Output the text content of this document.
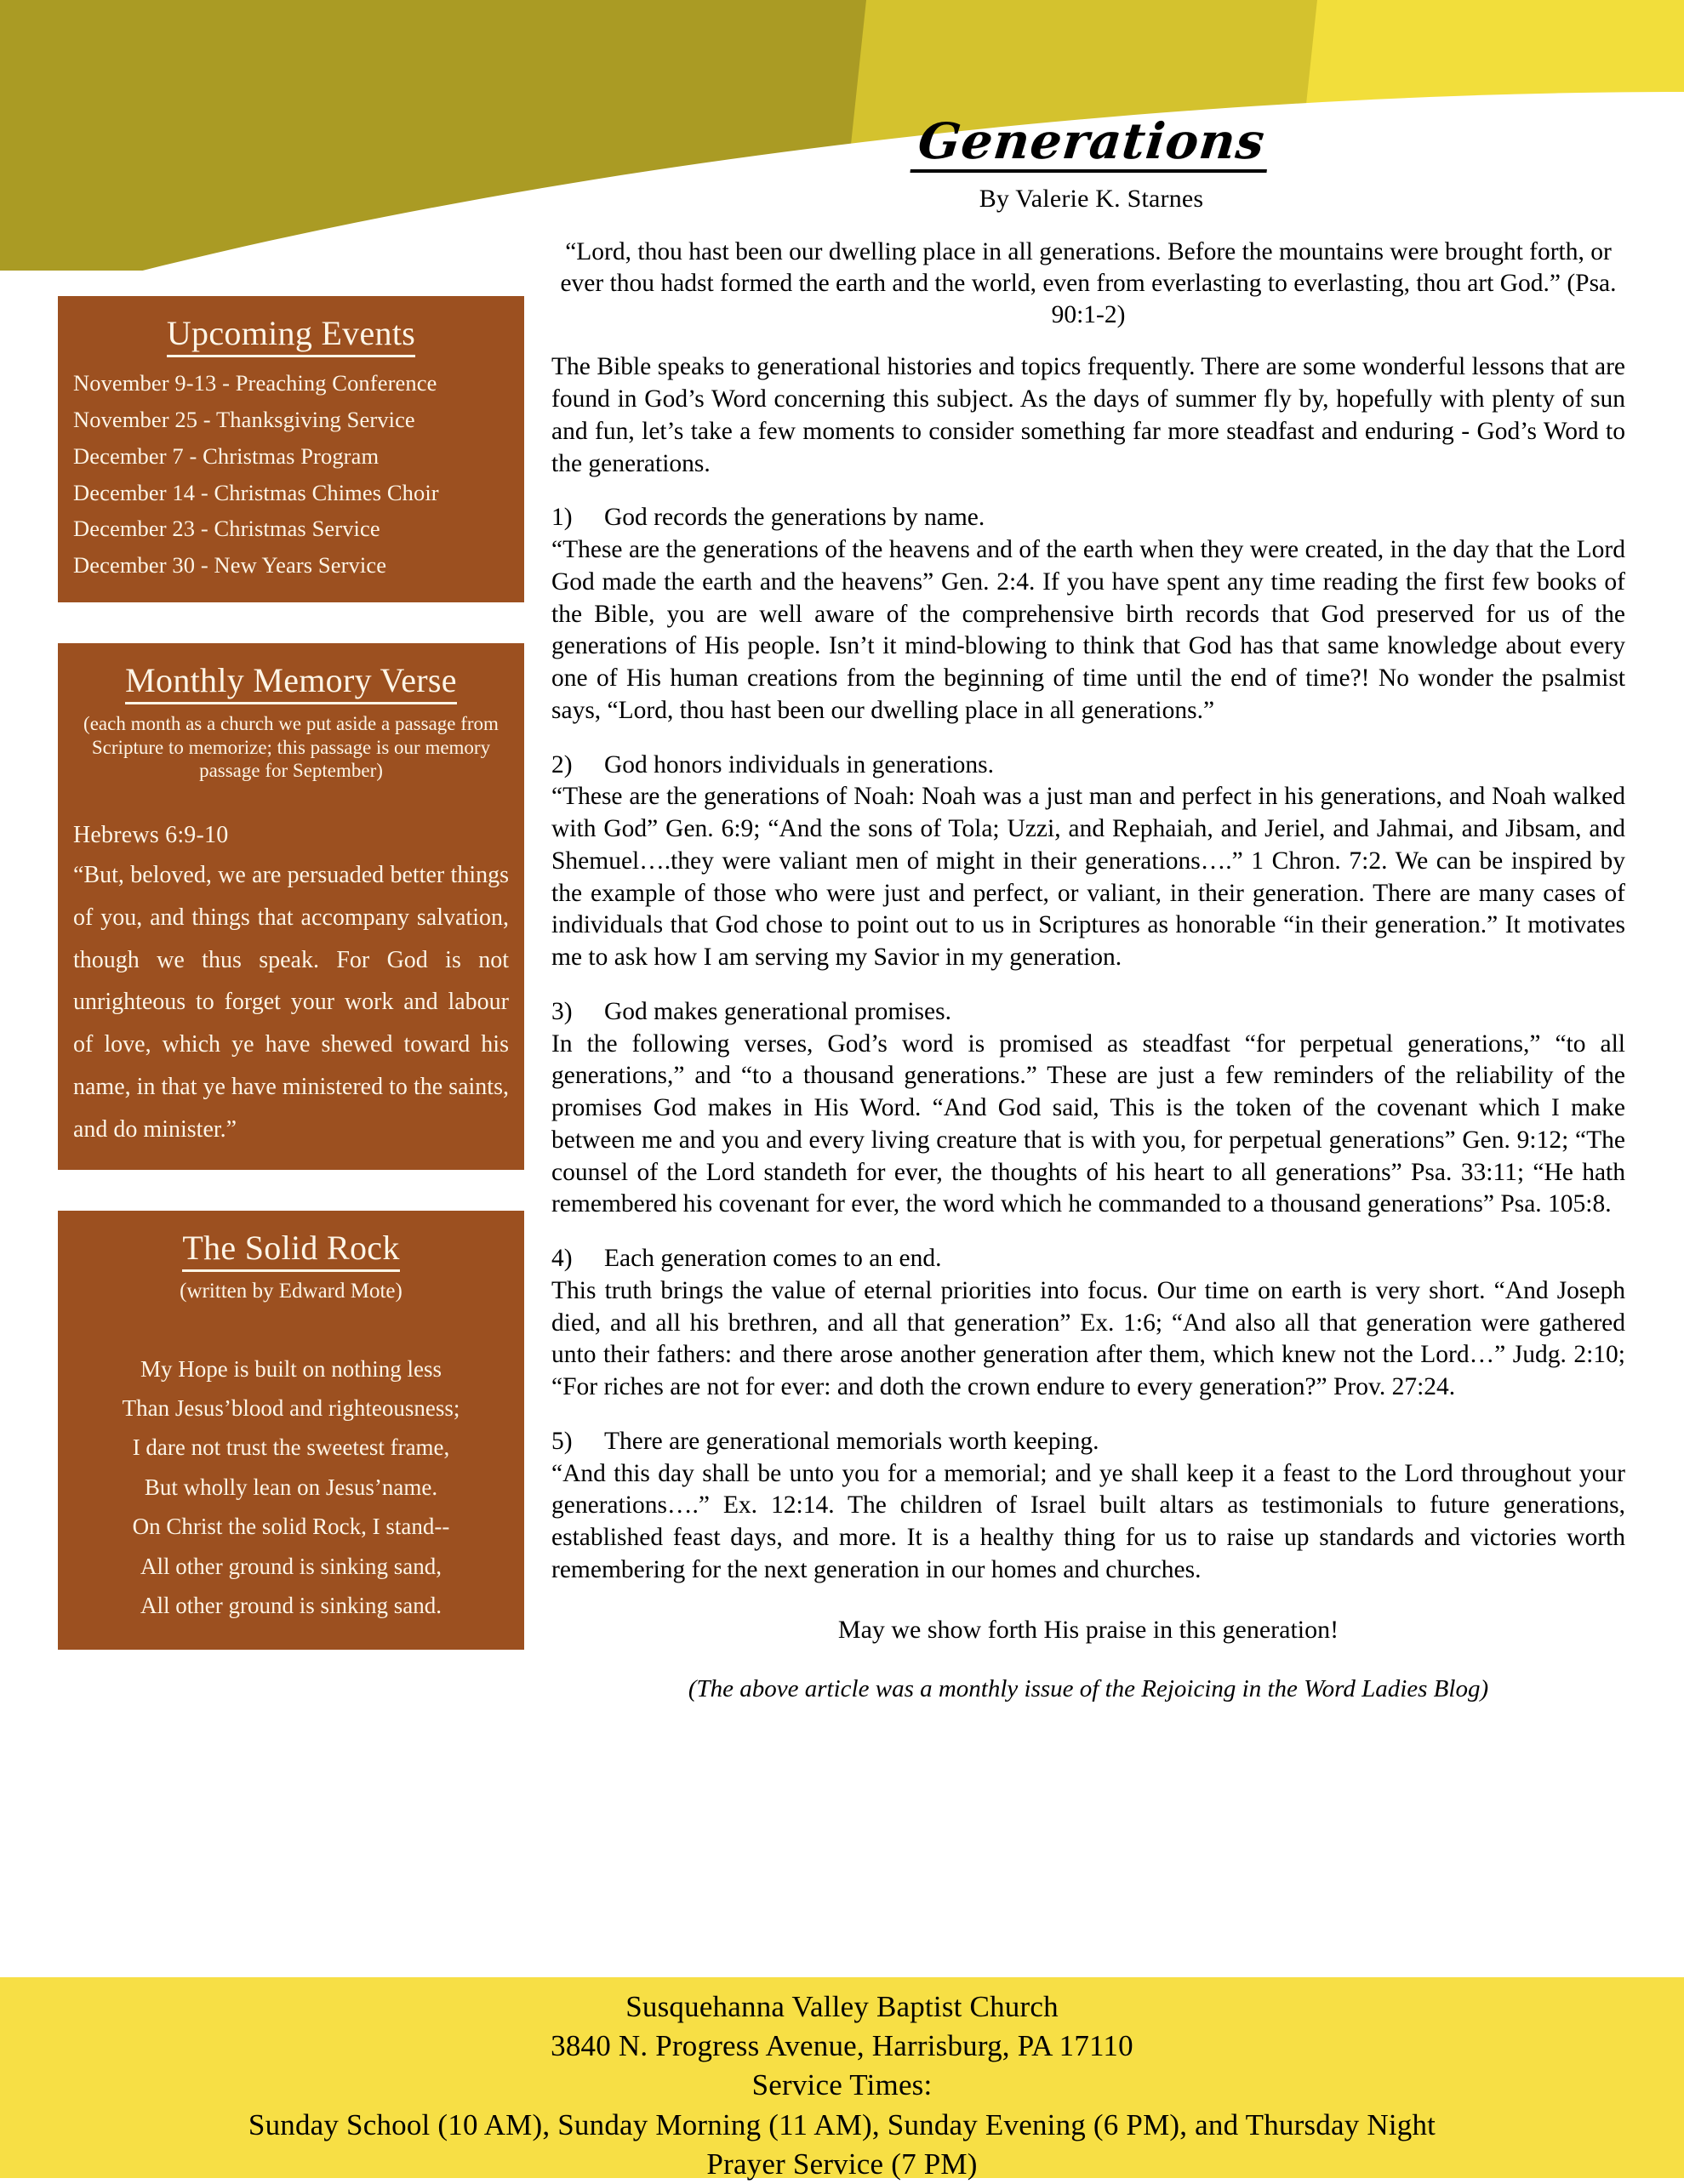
Generations
By Valerie K. Starnes
Upcoming Events
November 9-13 - Preaching Conference
November 25 - Thanksgiving Service
December 7 - Christmas Program
December 14 - Christmas Chimes Choir
December 23 - Christmas Service
December 30 - New Years Service
Monthly Memory Verse

(each month as a church we put aside a passage from Scripture to memorize; this passage is our memory passage for September)

Hebrews 6:9-10

“But, beloved, we are persuaded better things of you, and things that accompany salvation, though we thus speak. For God is not unrighteous to forget your work and labour of love, which ye have shewed toward his name, in that ye have ministered to the saints, and do minister.”

The Solid Rock

(written by Edward Mote)

My Hope is built on nothing less
Than Jesus’blood and righteousness;
I dare not trust the sweetest frame,
But wholly lean on Jesus’name.
On Christ the solid Rock, I stand--
All other ground is sinking sand,
All other ground is sinking sand.

“Lord, thou hast been our dwelling place in all generations. Before the mountains were brought forth, or ever thou hadst formed the earth and the world, even from everlasting to everlasting, thou art God.” (Psa. 90:1-2)

The Bible speaks to generational histories and topics frequently. There are some wonderful lessons that are found in God’s Word concerning this subject. As the days of summer fly by, hopefully with plenty of sun and fun, let’s take a few moments to consider something far more steadfast and enduring - God’s Word to the generations.

1) God records the generations by name.

“These are the generations of the heavens and of the earth when they were created, in the day that the Lord God made the earth and the heavens” Gen. 2:4. If you have spent any time reading the first few books of the Bible, you are well aware of the comprehensive birth records that God preserved for us of the generations of His people. Isn’t it mind-blowing to think that God has that same knowledge about every one of His human creations from the beginning of time until the end of time?! No wonder the psalmist says, “Lord, thou hast been our dwelling place in all generations.”

2) God honors individuals in generations.

“These are the generations of Noah: Noah was a just man and perfect in his generations, and Noah walked with God” Gen. 6:9; “And the sons of Tola; Uzzi, and Rephaiah, and Jeriel, and Jahmai, and Jibsam, and Shemuel….they were valiant men of might in their generations….” 1 Chron. 7:2. We can be inspired by the example of those who were just and perfect, or valiant, in their generation. There are many cases of individuals that God chose to point out to us in Scriptures as honorable “in their generation.” It motivates me to ask how I am serving my Savior in my generation.

3) God makes generational promises.

In the following verses, God’s word is promised as steadfast “for perpetual generations,” “to all generations,” and “to a thousand generations.” These are just a few reminders of the reliability of the promises God makes in His Word. “And God said, This is the token of the covenant which I make between me and you and every living creature that is with you, for perpetual generations” Gen. 9:12; “The counsel of the Lord standeth for ever, the thoughts of his heart to all generations” Psa. 33:11; “He hath remembered his covenant for ever, the word which he commanded to a thousand generations” Psa. 105:8.

4) Each generation comes to an end.

This truth brings the value of eternal priorities into focus. Our time on earth is very short. “And Joseph died, and all his brethren, and all that generation” Ex. 1:6; “And also all that generation were gathered unto their fathers: and there arose another generation after them, which knew not the Lord…” Judg. 2:10; “For riches are not for ever: and doth the crown endure to every generation?” Prov. 27:24.

5) There are generational memorials worth keeping.

“And this day shall be unto you for a memorial; and ye shall keep it a feast to the Lord throughout your generations….” Ex. 12:14. The children of Israel built altars as testimonials to future generations, established feast days, and more. It is a healthy thing for us to raise up standards and victories worth remembering for the next generation in our homes and churches.

May we show forth His praise in this generation!

(The above article was a monthly issue of the Rejoicing in the Word Ladies Blog)

Susquehanna Valley Baptist Church
3840 N. Progress Avenue, Harrisburg, PA 17110
Service Times:
Sunday School (10 AM), Sunday Morning (11 AM), Sunday Evening (6 PM), and Thursday Night
Prayer Service (7 PM)
